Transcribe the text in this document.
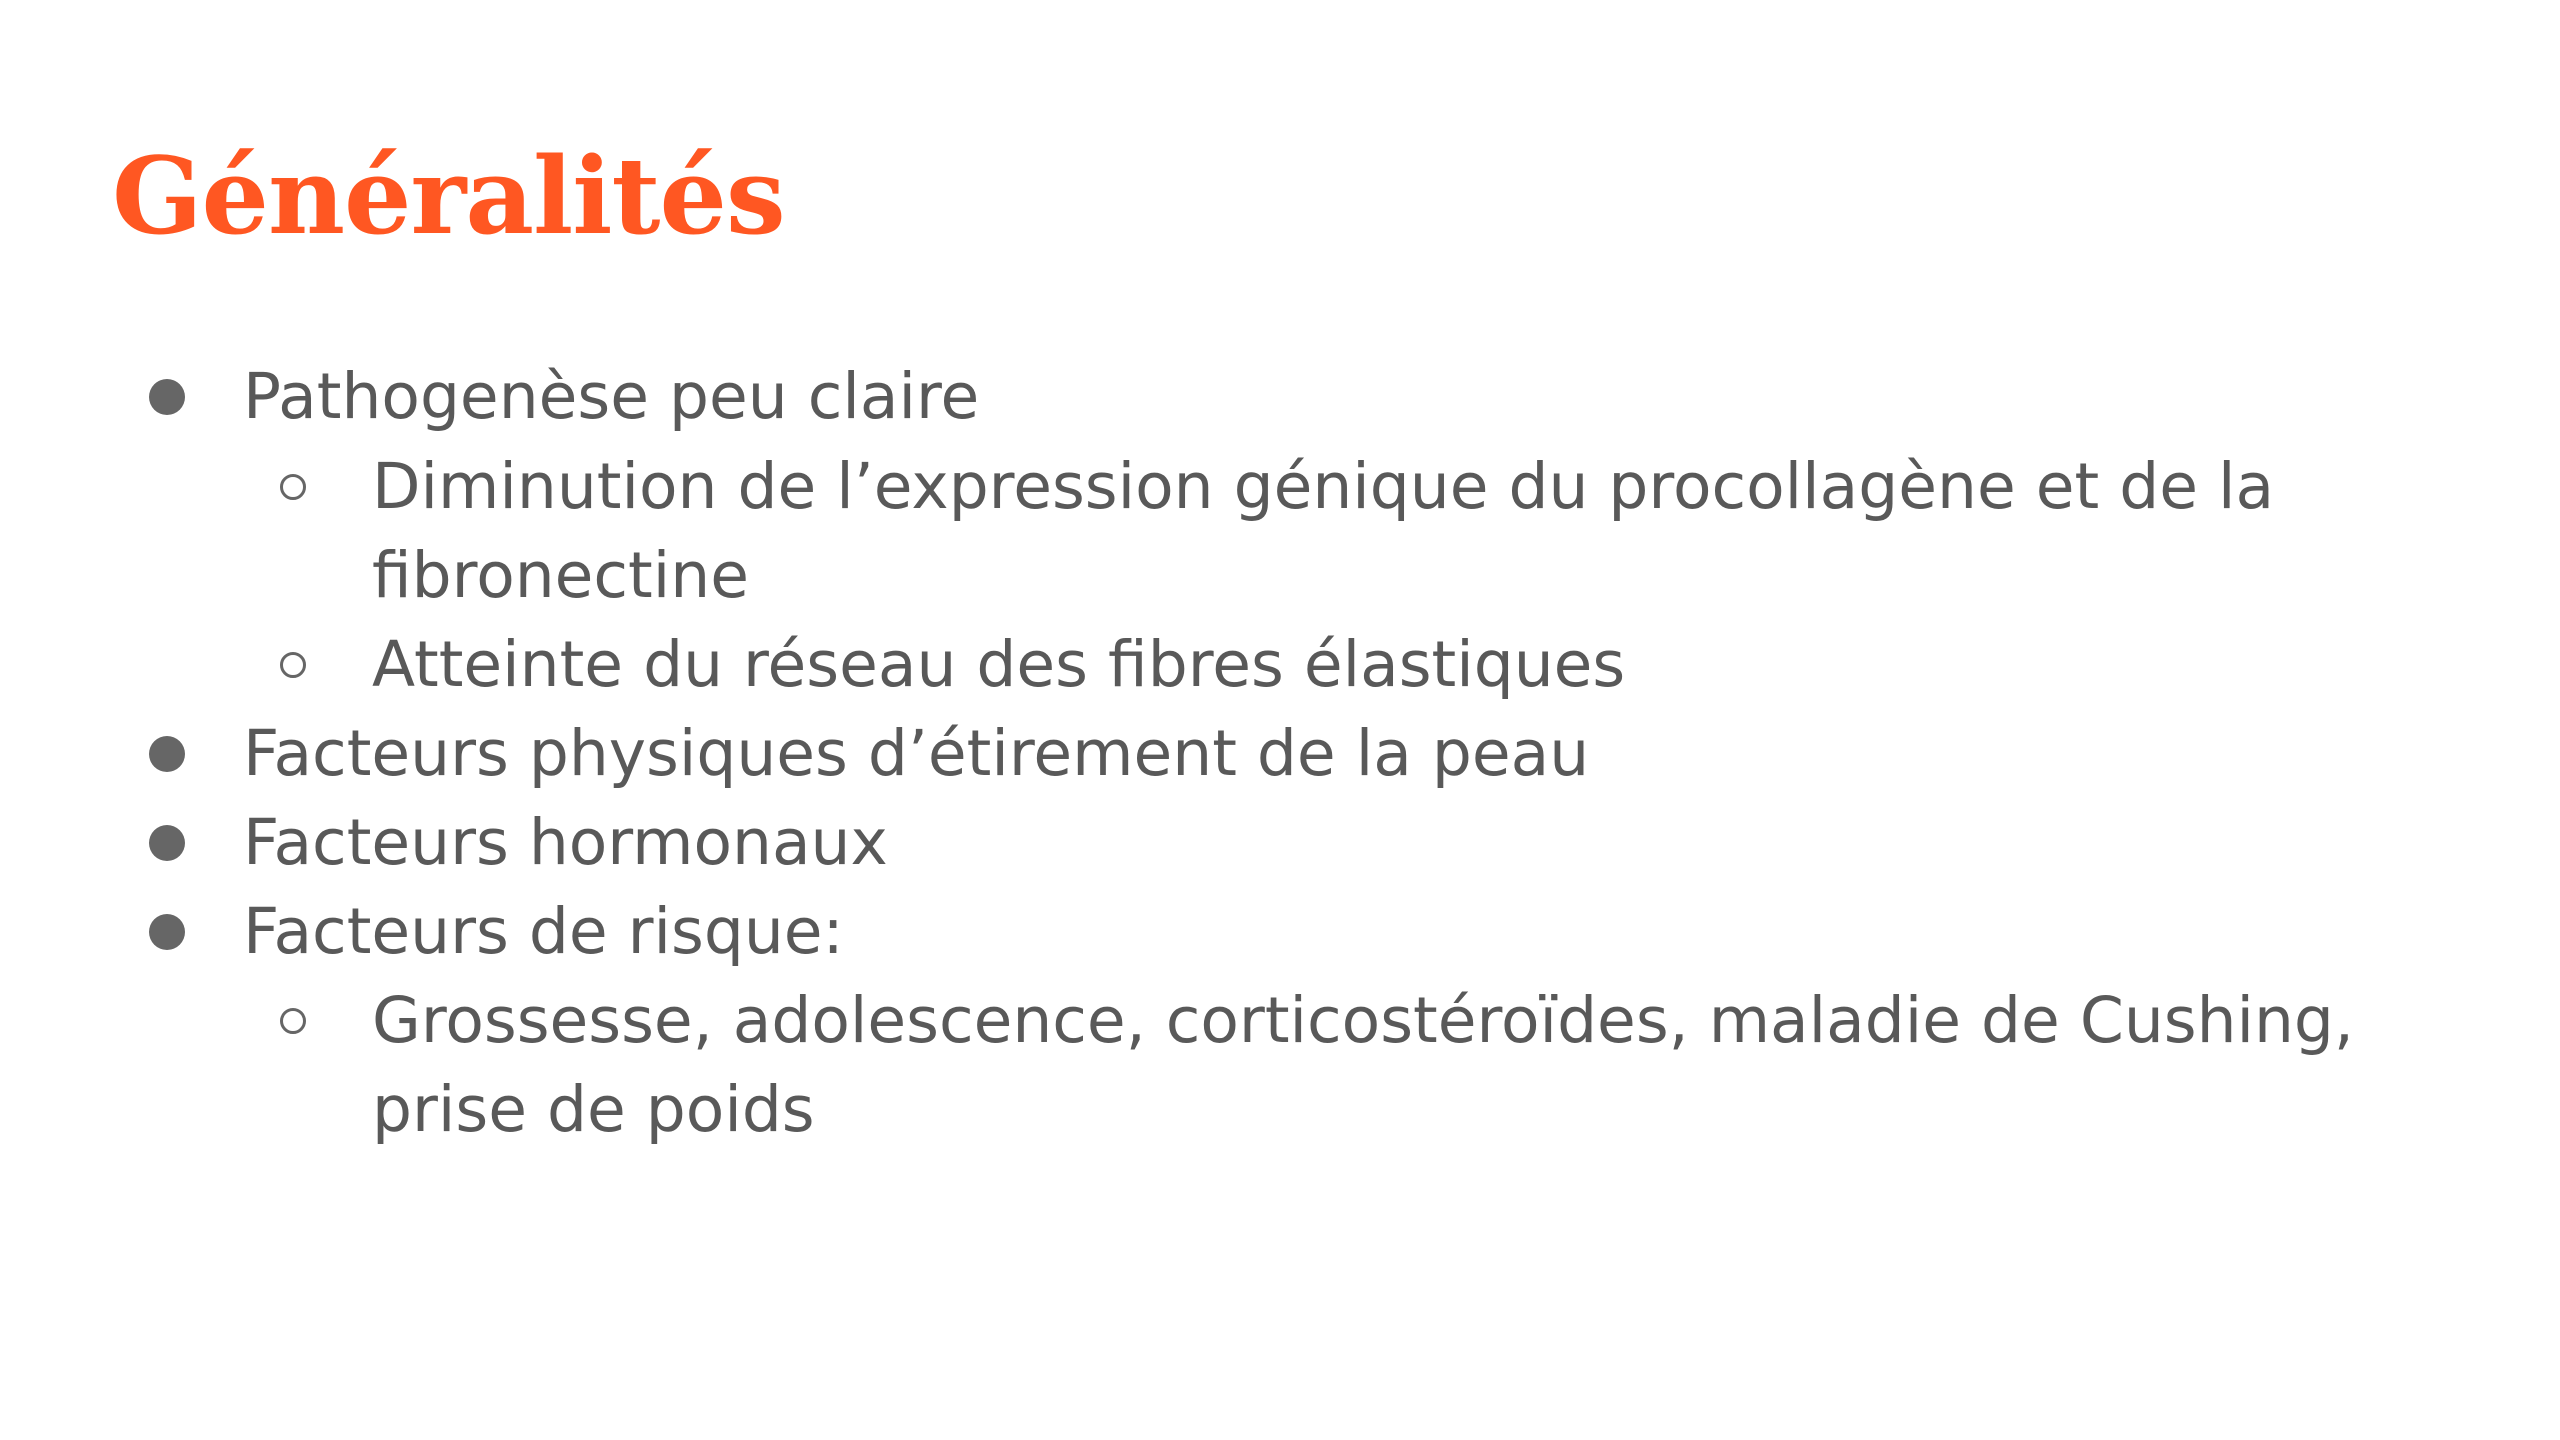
Généralités
Pathogenèse peu claire
Diminution de l’expression génique du procollagène et de la
fibronectine
Atteinte du réseau des fibres élastiques
Facteurs physiques d’étirement de la peau
Facteurs hormonaux
Facteurs de risque:
Grossesse, adolescence, corticostéroïdes, maladie de Cushing,
prise de poids
